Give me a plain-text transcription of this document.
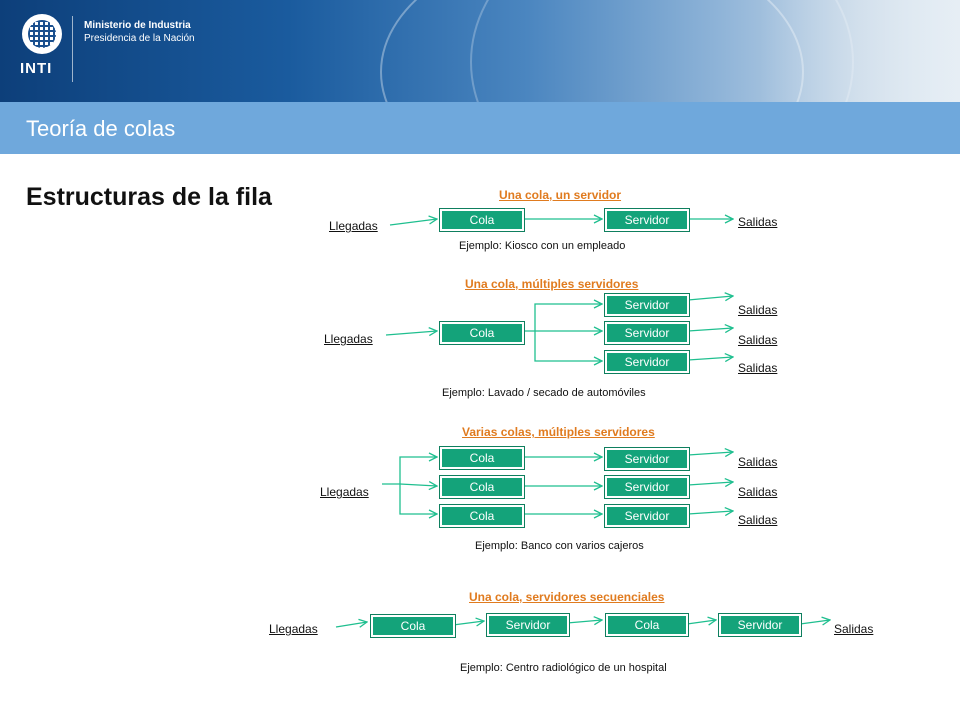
INTI
Ministerio de Industria
Presidencia de la Nación
Teoría de colas
Estructuras de la fila	Una cola, un servidor
Llegadas	Cola	Servidor	Salidas
Ejemplo: Kiosco con un empleado
Una cola, múltiples servidores
Llegadas	Cola
Servidor
Servidor
Servidor
Salidas
Salidas
Salidas
Ejemplo: Lavado / secado de automóviles
Varias colas, múltiples servidores
Llegadas
Cola
Cola
Cola
Servidor
Servidor
Servidor
Salidas
Salidas
Salidas
Ejemplo: Banco con varios cajeros
Una cola, servidores secuenciales
Llegadas	Cola	Servidor	Cola	Servidor	Salidas
Ejemplo: Centro radiológico de un hospital
